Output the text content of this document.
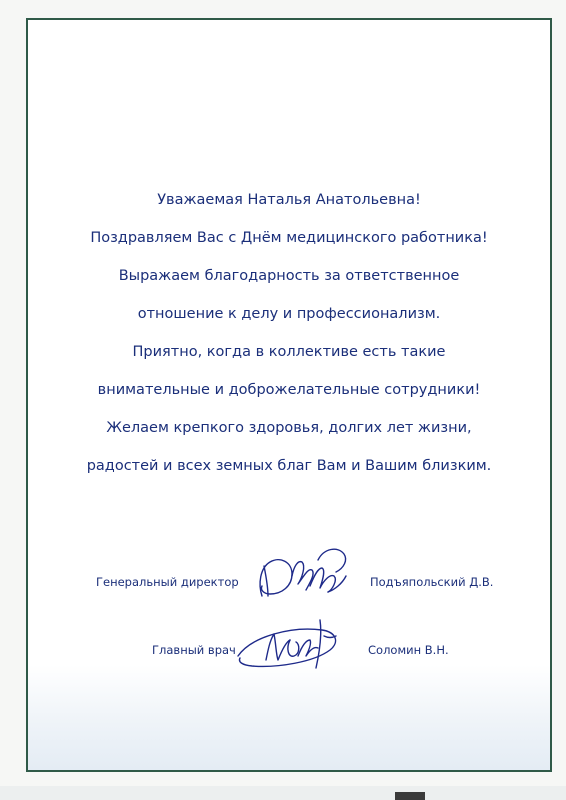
Уважаемая Наталья Анатольевна!
Поздравляем Вас с Днём медицинского работника!
Выражаем благодарность за ответственное
отношение к делу и профессионализм.
Приятно, когда в коллективе есть такие
внимательные и доброжелательные сотрудники!
Желаем крепкого здоровья, долгих лет жизни,
радостей и всех земных благ Вам и Вашим близким.
Генеральный директор	Подъяпольский Д.В.
Главный врач	Соломин В.Н.
